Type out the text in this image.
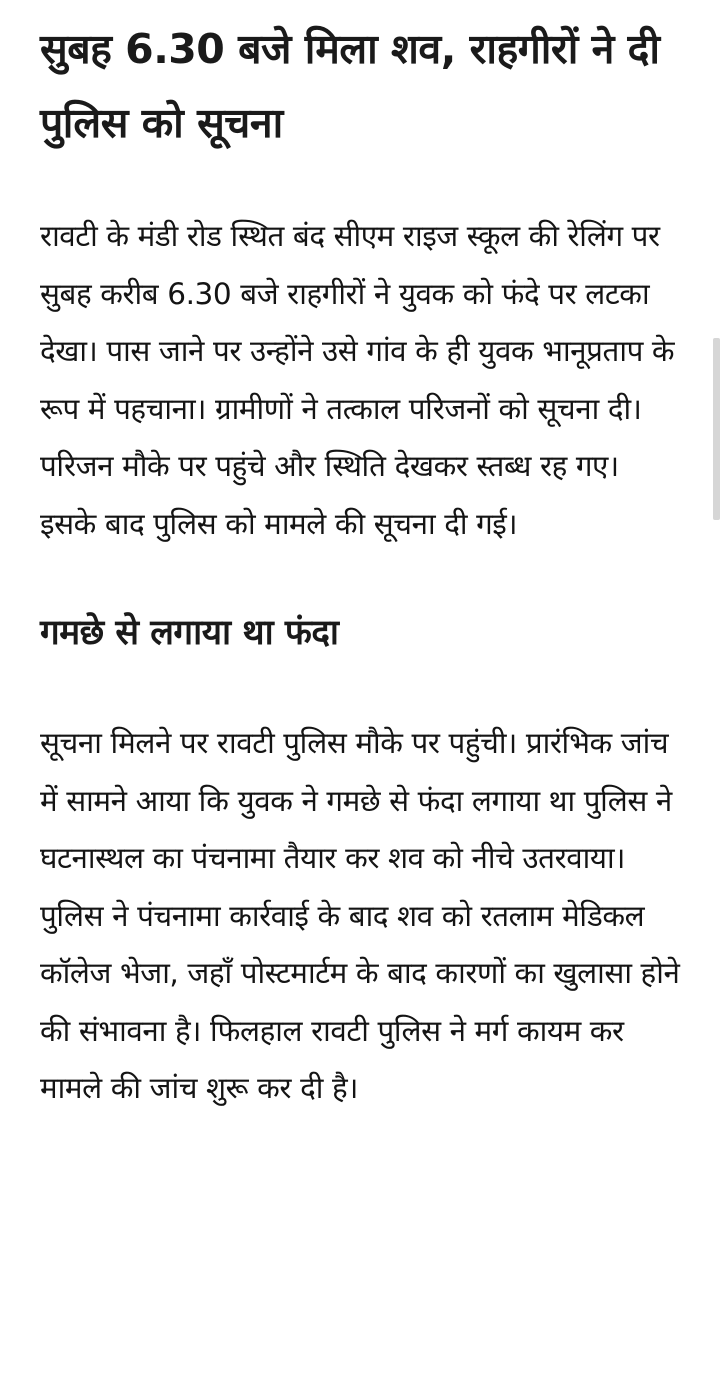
सुबह 6.30 बजे मिला शव, राहगीरों ने दी पुलिस को सूचना

रावटी के मंडी रोड स्थित बंद सीएम राइज स्कूल की रेलिंग पर सुबह करीब 6.30 बजे राहगीरों ने युवक को फंदे पर लटका देखा। पास जाने पर उन्होंने उसे गांव के ही युवक भानूप्रताप के रूप में पहचाना। ग्रामीणों ने तत्काल परिजनों को सूचना दी। परिजन मौके पर पहुंचे और स्थिति देखकर स्तब्ध रह गए। इसके बाद पुलिस को मामले की सूचना दी गई।

गमछे से लगाया था फंदा

सूचना मिलने पर रावटी पुलिस मौके पर पहुंची। प्रारंभिक जांच में सामने आया कि युवक ने गमछे से फंदा लगाया था पुलिस ने घटनास्थल का पंचनामा तैयार कर शव को नीचे उतरवाया।पुलिस ने पंचनामा कार्रवाई के बाद शव को रतलाम मेडिकल कॉलेज भेजा, जहाँ पोस्टमार्टम के बाद कारणों का खुलासा होने की संभावना है। फिलहाल रावटी पुलिस ने मर्ग कायम कर मामले की जांच शुरू कर दी है।
